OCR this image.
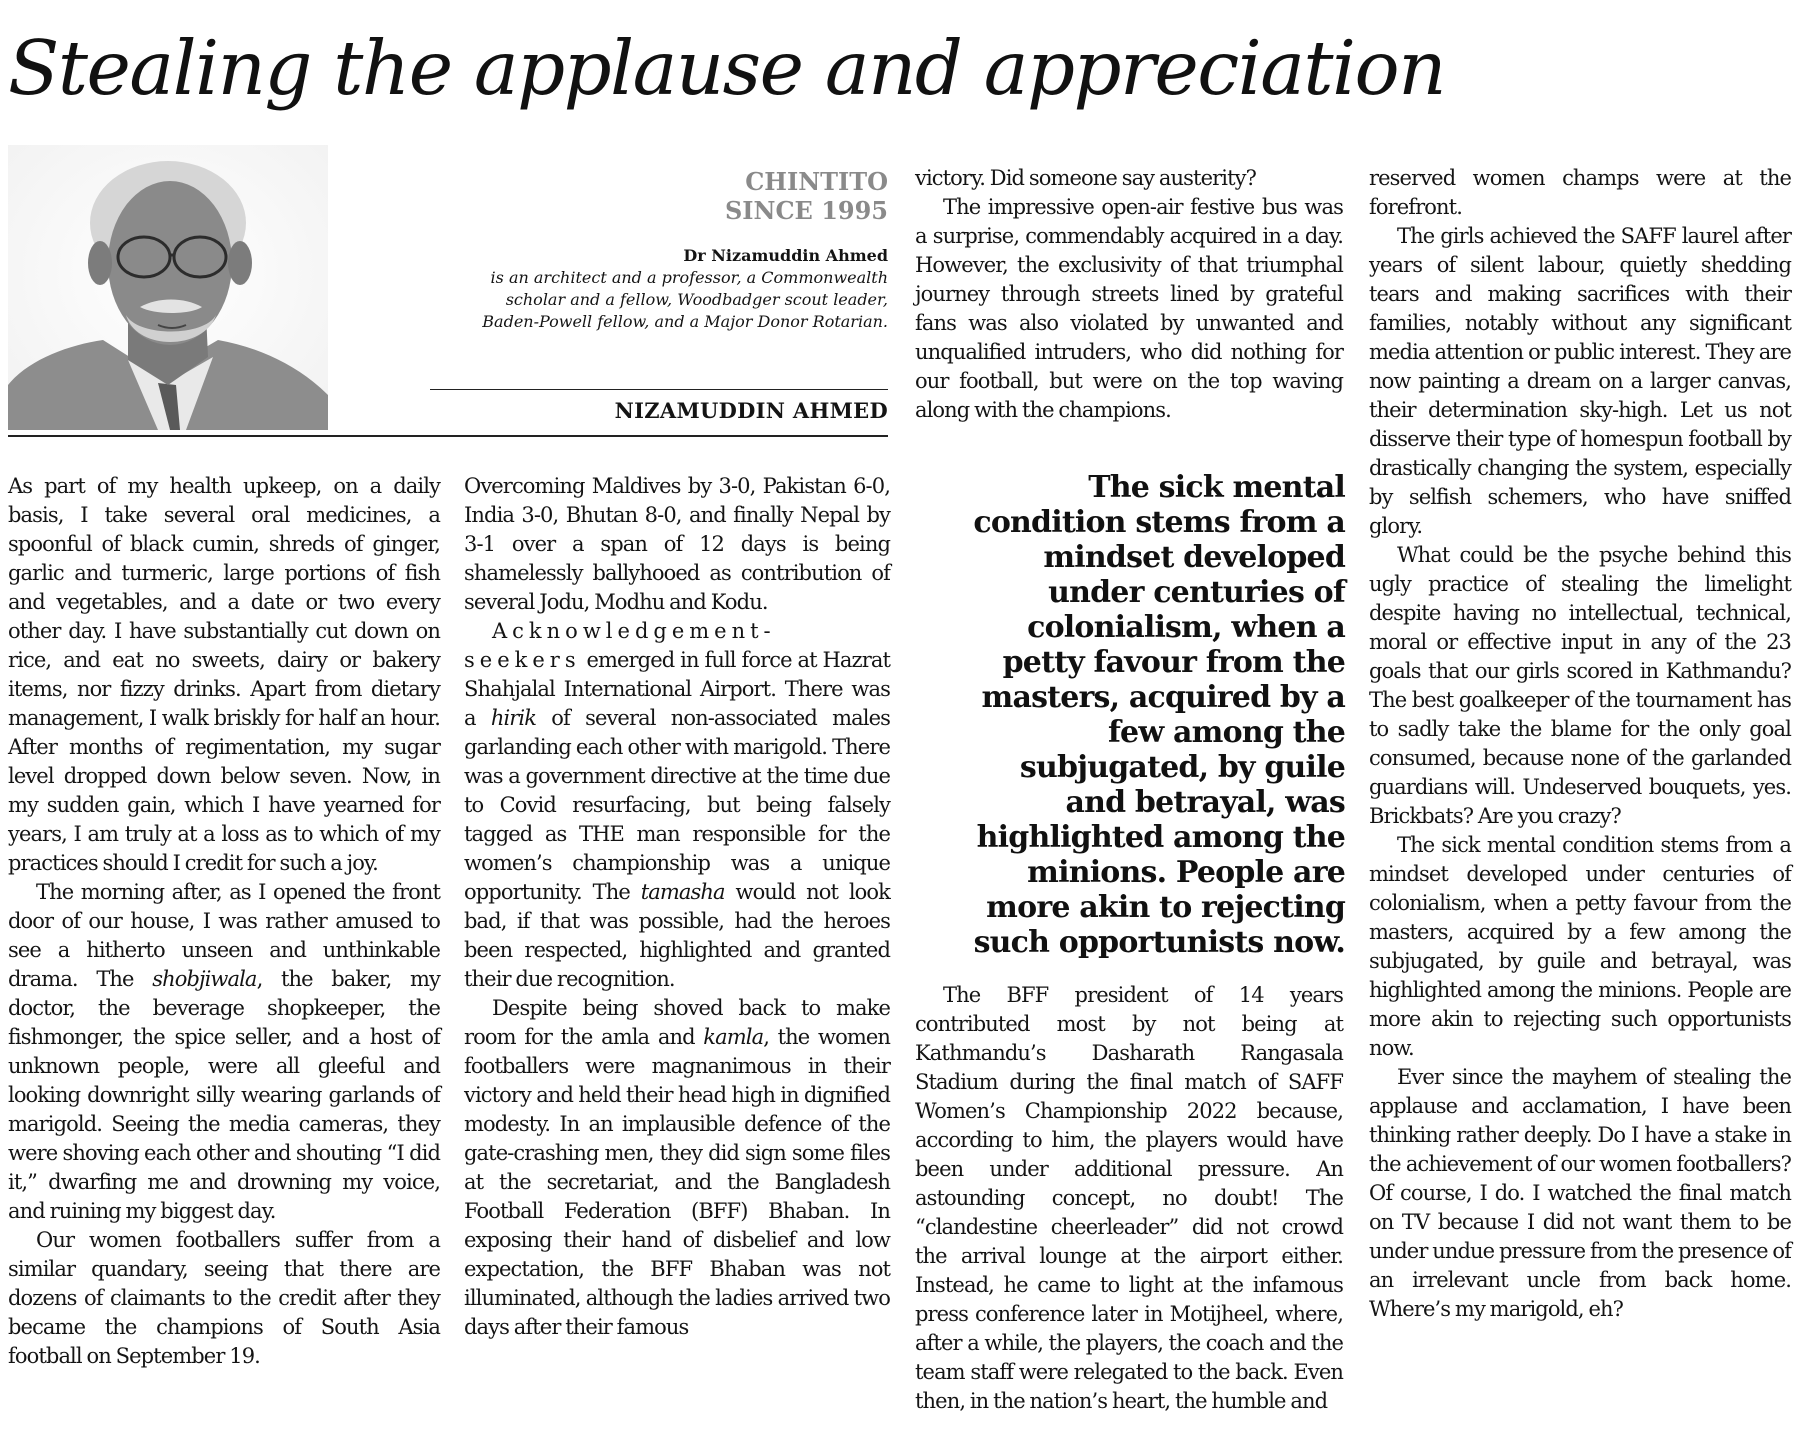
Stealing the applause and appreciation
CHINTITO
SINCE 1995
Dr Nizamuddin Ahmed
is an architect and a professor, a Commonwealth scholar and a fellow, Woodbadger scout leader, Baden-Powell fellow, and a Major Donor Rotarian.
NIZAMUDDIN AHMED

As part of my health upkeep, on a daily basis, I take several oral medicines, a spoonful of black cumin, shreds of ginger, garlic and turmeric, large portions of fish and vegetables, and a date or two every other day. I have substantially cut down on rice, and eat no sweets, dairy or bakery items, nor fizzy drinks. Apart from dietary management, I walk briskly for half an hour. After months of regimentation, my sugar level dropped down below seven. Now, in my sudden gain, which I have yearned for years, I am truly at a loss as to which of my practices should I credit for such a joy.

The morning after, as I opened the front door of our house, I was rather amused to see a hitherto unseen and unthinkable drama. The shobjiwala, the baker, my doctor, the beverage shopkeeper, the fishmonger, the spice seller, and a host of unknown people, were all gleeful and looking downright silly wearing garlands of marigold. Seeing the media cameras, they were shoving each other and shouting “I did it,” dwarfing me and drowning my voice, and ruining my biggest day.

Our women footballers suffer from a similar quandary, seeing that there are dozens of claimants to the credit after they became the champions of South Asia football on September 19.

Overcoming Maldives by 3-0, Pakistan 6-0, India 3-0, Bhutan 8-0, and finally Nepal by 3-1 over a span of 12 days is being shamelessly ballyhooed as contribution of several Jodu, Modhu and Kodu.

Acknowledgement-seekers emerged in full force at Hazrat Shahjalal International Airport. There was a hirik of several non-associated males garlanding each other with marigold. There was a government directive at the time due to Covid resurfacing, but being falsely tagged as THE man responsible for the women’s championship was a unique opportunity. The tamasha would not look bad, if that was possible, had the heroes been respected, highlighted and granted their due recognition.

Despite being shoved back to make room for the amla and kamla, the women footballers were magnanimous in their victory and held their head high in dignified modesty. In an implausible defence of the gate-crashing men, they did sign some files at the secretariat, and the Bangladesh Football Federation (BFF) Bhaban. In exposing their hand of disbelief and low expectation, the BFF Bhaban was not illuminated, although the ladies arrived two days after their famous

victory. Did someone say austerity?

The impressive open-air festive bus was a surprise, commendably acquired in a day. However, the exclusivity of that triumphal journey through streets lined by grateful fans was also violated by unwanted and unqualified intruders, who did nothing for our football, but were on the top waving along with the champions.

The sick mental condition stems from a mindset developed under centuries of colonialism, when a petty favour from the masters, acquired by a few among the subjugated, by guile and betrayal, was highlighted among the minions. People are more akin to rejecting such opportunists now.

The BFF president of 14 years contributed most by not being at Kathmandu’s Dasharath Rangasala Stadium during the final match of SAFF Women’s Championship 2022 because, according to him, the players would have been under additional pressure. An astounding concept, no doubt! The “clandestine cheerleader” did not crowd the arrival lounge at the airport either. Instead, he came to light at the infamous press conference later in Motijheel, where, after a while, the players, the coach and the team staff were relegated to the back. Even then, in the nation’s heart, the humble and

reserved women champs were at the forefront.

The girls achieved the SAFF laurel after years of silent labour, quietly shedding tears and making sacrifices with their families, notably without any significant media attention or public interest. They are now painting a dream on a larger canvas, their determination sky-high. Let us not disserve their type of homespun football by drastically changing the system, especially by selfish schemers, who have sniffed glory.

What could be the psyche behind this ugly practice of stealing the limelight despite having no intellectual, technical, moral or effective input in any of the 23 goals that our girls scored in Kathmandu? The best goalkeeper of the tournament has to sadly take the blame for the only goal consumed, because none of the garlanded guardians will. Undeserved bouquets, yes. Brickbats? Are you crazy?

The sick mental condition stems from a mindset developed under centuries of colonialism, when a petty favour from the masters, acquired by a few among the subjugated, by guile and betrayal, was highlighted among the minions. People are more akin to rejecting such opportunists now.

Ever since the mayhem of stealing the applause and acclamation, I have been thinking rather deeply. Do I have a stake in the achievement of our women footballers? Of course, I do. I watched the final match on TV because I did not want them to be under undue pressure from the presence of an irrelevant uncle from back home. Where’s my marigold, eh?
